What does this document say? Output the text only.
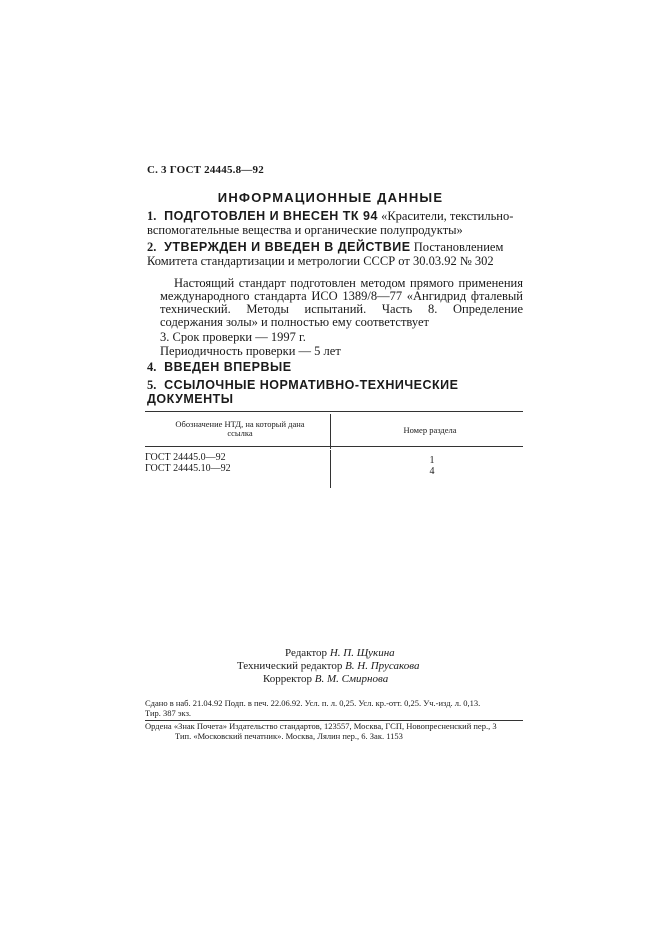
С. 3 ГОСТ 24445.8—92
ИНФОРМАЦИОННЫЕ ДАННЫЕ
1. ПОДГОТОВЛЕН И ВНЕСЕН ТК 94 «Красители, текстильно-вспомогательные вещества и органические полупродукты»
2. УТВЕРЖДЕН И ВВЕДЕН В ДЕЙСТВИЕ Постановлением Комитета стандартизации и метрологии СССР от 30.03.92 № 302
Настоящий стандарт подготовлен методом прямого применения международного стандарта ИСО 1389/8—77 «Ангидрид фталевый технический. Методы испытаний. Часть 8. Определение содержания золы» и полностью ему соответствует
3. Срок проверки — 1997 г.
Периодичность проверки — 5 лет
4. ВВЕДЕН ВПЕРВЫЕ
5. ССЫЛОЧНЫЕ НОРМАТИВНО-ТЕХНИЧЕСКИЕ ДОКУМЕНТЫ
Обозначение НТД, на который дана ссылка	Номер раздела
ГОСТ 24445.0—92	1
ГОСТ 24445.10—92	4
Редактор Н. П. Щукина
Технический редактор В. Н. Прусакова
Корректор В. М. Смирнова
Сдано в наб. 21.04.92 Подп. в печ. 22.06.92. Усл. п. л. 0,25. Усл. кр.-отт. 0,25. Уч.-изд. л. 0,13.
Тир. 387 экз.
Ордена «Знак Почета» Издательство стандартов, 123557, Москва, ГСП, Новопресненский пер., 3
Тип. «Московский печатник». Москва, Лялин пер., 6. Зак. 1153
